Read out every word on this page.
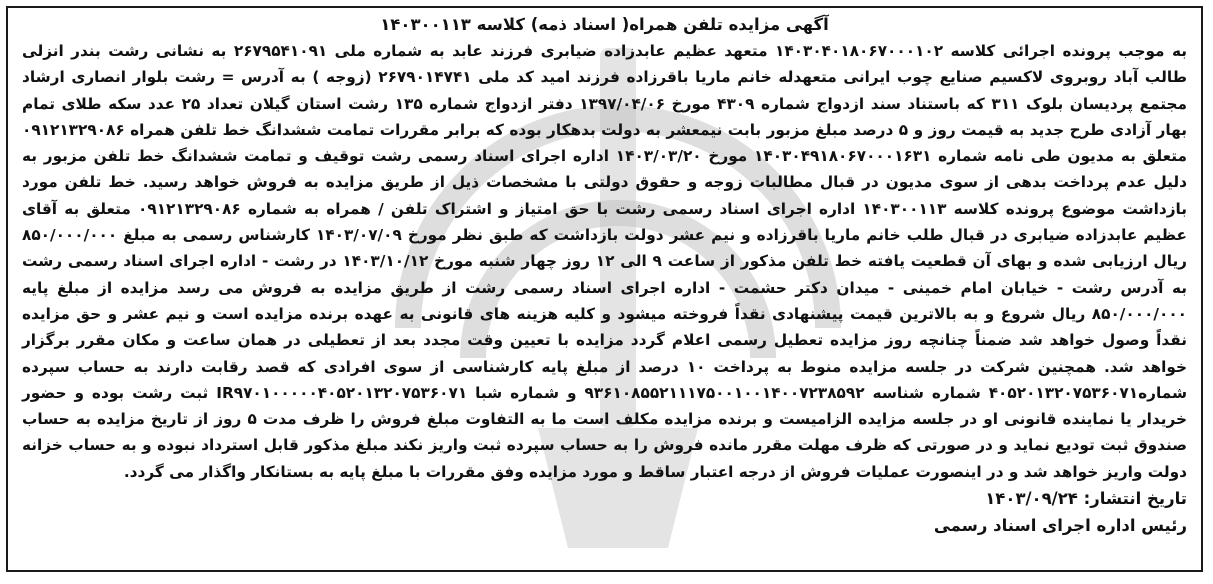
آگهی مزایده تلفن همراه( اسناد ذمه) کلاسه ۱۴۰۳۰۰۱۱۳

به موجب پرونده اجرائی کلاسه ۱۴۰۳۰۴۰۱۸۰۶۷۰۰۰۱۰۲ متعهد عظیم عابدزاده ضیابری فرزند عابد به شماره ملی ۲۶۷۹۵۴۱۰۹۱ به نشانی رشت بندر انزلی طالب آباد روبروی لاکسیم صنایع چوب ایرانی متعهدله خانم ماریا باقرزاده فرزند امید کد ملی ۲۶۷۹۰۱۴۷۴۱ (زوجه ) به آدرس = رشت بلوار انصاری ارشاد مجتمع پردیسان بلوک ۳۱۱ که باستناد سند ازدواج شماره ۴۳۰۹ مورخ ۱۳۹۷/۰۴/۰۶ دفتر ازدواج شماره ۱۳۵ رشت استان گیلان تعداد ۲۵ عدد سکه طلای تمام بهار آزادی طرح جدید به قیمت روز و ۵ درصد مبلغ مزبور بابت نیمعشر به دولت بدهکار بوده که برابر مقررات تمامت ششدانگ خط تلفن همراه ۰۹۱۲۱۳۲۹۰۸۶ متعلق به مدیون طی نامه شماره ۱۴۰۳۰۴۹۱۸۰۶۷۰۰۰۱۶۳۱ مورخ ۱۴۰۳/۰۳/۲۰ اداره اجرای اسناد رسمی رشت توقیف و تمامت ششدانگ خط تلفن مزبور به دلیل عدم پرداخت بدهی از سوی مدیون در قبال مطالبات زوجه و حقوق دولتی با مشخصات ذیل از طریق مزایده به فروش خواهد رسید. خط تلفن مورد بازداشت موضوع پرونده کلاسه ۱۴۰۳۰۰۱۱۳ اداره اجرای اسناد رسمی رشت با حق امتیاز و اشتراک تلفن / همراه به شماره ۰۹۱۲۱۳۲۹۰۸۶ متعلق به آقای عظیم عابدزاده ضیابری در قبال طلب خانم ماریا باقرزاده و نیم عشر دولت بازداشت که طبق نظر مورخ ۱۴۰۳/۰۷/۰۹ کارشناس رسمی به مبلغ ۸۵۰/۰۰۰/۰۰۰ ریال ارزیابی شده و بهای آن قطعیت یافته خط تلفن مذکور از ساعت ۹ الی ۱۲ روز چهار شنبه مورخ ۱۴۰۳/۱۰/۱۲ در رشت - اداره اجرای اسناد رسمی رشت به آدرس رشت - خیابان امام خمینی - میدان دکتر حشمت - اداره اجرای اسناد رسمی رشت از طریق مزایده به فروش می رسد مزایده از مبلغ پایه ۸۵۰/۰۰۰/۰۰۰ ریال شروع و به بالاترین قیمت پیشنهادی نقداً فروخته میشود و کلیه هزینه های قانونی به عهده برنده مزایده است و نیم عشر و حق مزایده نقداً وصول خواهد شد ضمناً چنانچه روز مزایده تعطیل رسمی اعلام گردد مزایده با تعیین وقت مجدد بعد از تعطیلی در همان ساعت و مکان مقرر برگزار خواهد شد. همچنین شرکت در جلسه مزایده منوط به پرداخت ۱۰ درصد از مبلغ پایه کارشناسی از سوی افرادی که قصد رقابت دارند به حساب سپرده شماره۴۰۵۲۰۱۳۲۰۷۵۳۶۰۷۱ شماره شناسه ۹۳۶۱۰۸۵۵۲۱۱۱۷۵۰۰۱۰۰۱۴۰۰۷۲۳۸۵۹۲ و شماره شبا IR۹۷۰۱۰۰۰۰۰۴۰۵۲۰۱۳۲۰۷۵۳۶۰۷۱ ثبت رشت بوده و حضور خریدار یا نماینده قانونی او در جلسه مزایده الزامیست و برنده مزایده مکلف است ما به التفاوت مبلغ فروش را ظرف مدت ۵ روز از تاریخ مزایده به حساب صندوق ثبت تودیع نماید و در صورتی که ظرف مهلت مقرر مانده فروش را به حساب سپرده ثبت واریز نکند مبلغ مذکور قابل استرداد نبوده و به حساب خزانه دولت واریز خواهد شد و در اینصورت عملیات فروش از درجه اعتبار ساقط و مورد مزایده وفق مقررات با مبلغ پایه به بستانکار واگذار می گردد.

تاریخ انتشار: ۱۴۰۳/۰۹/۲۴

رئیس اداره اجرای اسناد رسمی
